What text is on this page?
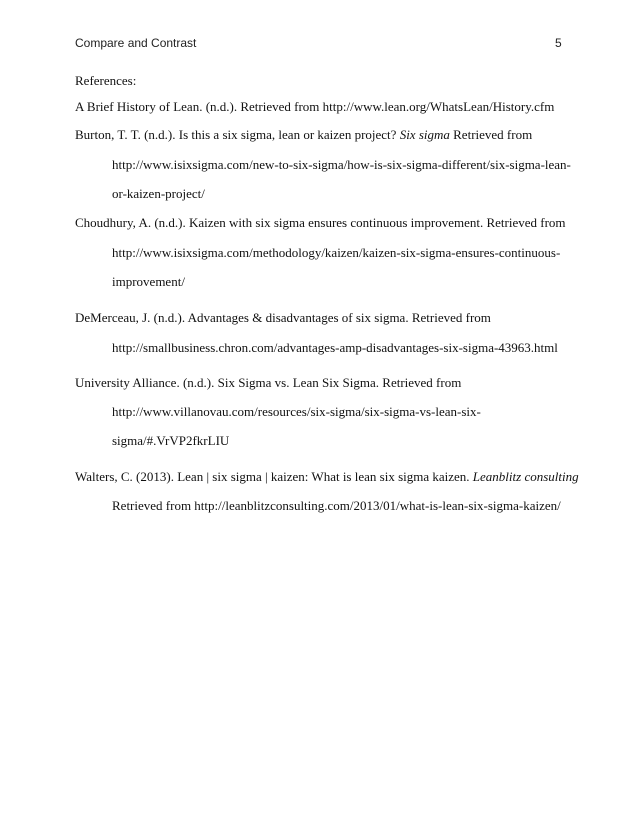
Compare and Contrast	5
References:
A Brief History of Lean. (n.d.). Retrieved from http://www.lean.org/WhatsLean/History.cfm
Burton, T. T. (n.d.). Is this a six sigma, lean or kaizen project? Six sigma Retrieved from
http://www.isixsigma.com/new-to-six-sigma/how-is-six-sigma-different/six-sigma-lean-
or-kaizen-project/
Choudhury, A. (n.d.). Kaizen with six sigma ensures continuous improvement. Retrieved from
http://www.isixsigma.com/methodology/kaizen/kaizen-six-sigma-ensures-continuous-
improvement/
DeMerceau, J. (n.d.). Advantages & disadvantages of six sigma. Retrieved from
http://smallbusiness.chron.com/advantages-amp-disadvantages-six-sigma-43963.html
University Alliance. (n.d.). Six Sigma vs. Lean Six Sigma. Retrieved from
http://www.villanovau.com/resources/six-sigma/six-sigma-vs-lean-six-
sigma/#.VrVP2fkrLIU
Walters, C. (2013). Lean | six sigma | kaizen: What is lean six sigma kaizen. Leanblitz consulting
Retrieved from http://leanblitzconsulting.com/2013/01/what-is-lean-six-sigma-kaizen/
